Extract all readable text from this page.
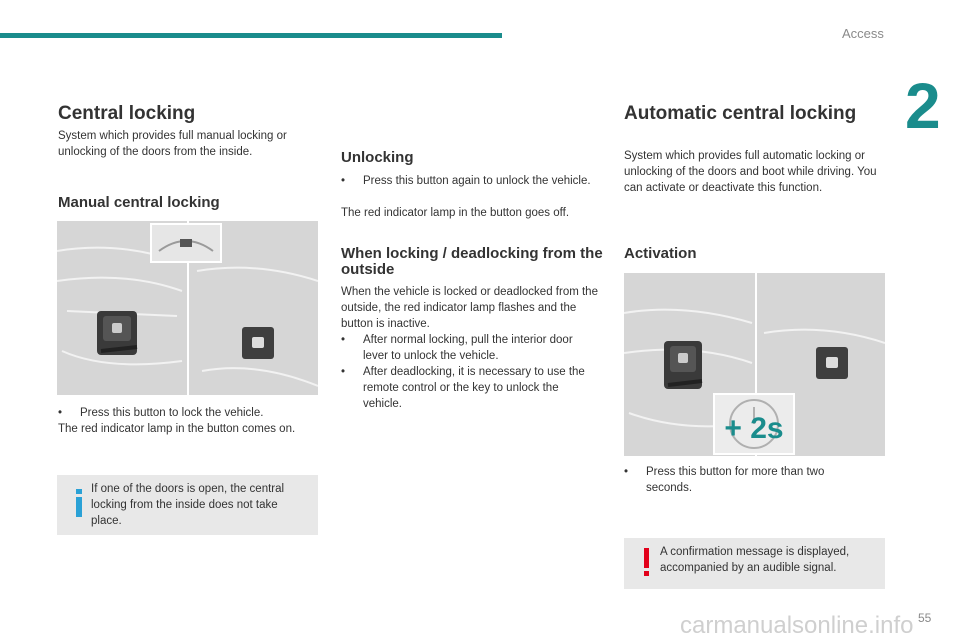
Access
2
Central locking

System which provides full manual locking or unlocking of the doors from the inside.

Manual central locking
•	Press this button to lock the vehicle.

The red indicator lamp in the button comes on.

If one of the doors is open, the central locking from the inside does not take place.
Unlocking
•	Press this button again to unlock the vehicle.

The red indicator lamp in the button goes off.

When locking / deadlocking from the outside

When the vehicle is locked or deadlocked from the outside, the red indicator lamp flashes and the button is inactive.

•	After normal locking, pull the interior door lever to unlock the vehicle.
•	After deadlocking, it is necessary to use the remote control or the key to unlock the vehicle.
Automatic central locking

System which provides full automatic locking or unlocking of the doors and boot while driving. You can activate or deactivate this function.

Activation
+ 2s
•	Press this button for more than two seconds.
A confirmation message is displayed, accompanied by an audible signal.
55
carmanualsonline.info
